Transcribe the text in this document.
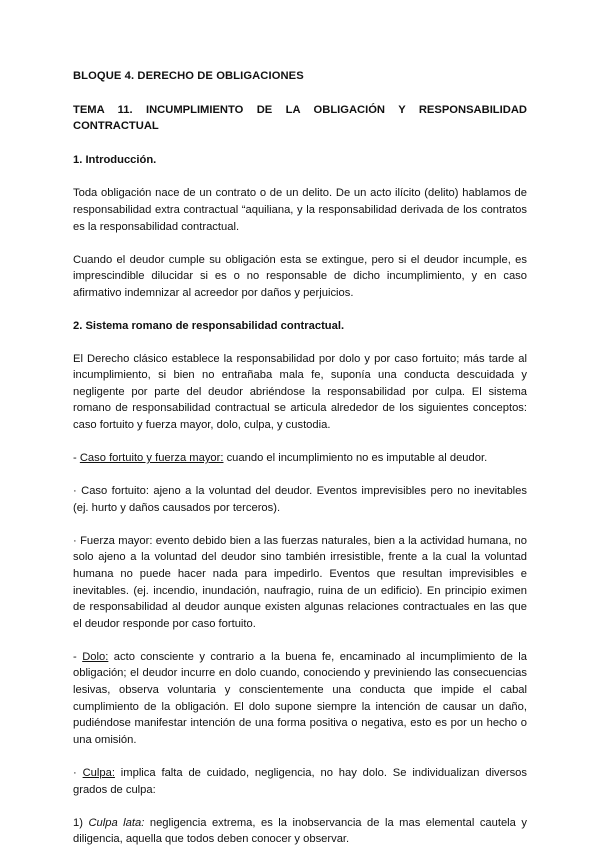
BLOQUE 4. DERECHO DE OBLIGACIONES

TEMA 11. INCUMPLIMIENTO DE LA OBLIGACIÓN Y RESPONSABILIDAD CONTRACTUAL

1. Introducción.

Toda obligación nace de un contrato o de un delito. De un acto ilícito (delito) hablamos de responsabilidad extra contractual “aquiliana, y la responsabilidad derivada de los contratos es la responsabilidad contractual.

Cuando el deudor cumple su obligación esta se extingue, pero si el deudor incumple, es imprescindible dilucidar si es o no responsable de dicho incumplimiento, y en caso afirmativo indemnizar al acreedor por daños y perjuicios.

2. Sistema romano de responsabilidad contractual.

El Derecho clásico establece la responsabilidad por dolo y por caso fortuito; más tarde al incumplimiento, si bien no entrañaba mala fe, suponía una conducta descuidada y negligente por parte del deudor abriéndose la responsabilidad por culpa. El sistema romano de responsabilidad contractual se articula alrededor de los siguientes conceptos: caso fortuito y fuerza mayor, dolo, culpa, y custodia.

- Caso fortuito y fuerza mayor: cuando el incumplimiento no es imputable al deudor.

· Caso fortuito: ajeno a la voluntad del deudor. Eventos imprevisibles pero no inevitables (ej. hurto y daños causados por terceros).

· Fuerza mayor: evento debido bien a las fuerzas naturales, bien a la actividad humana, no solo ajeno a la voluntad del deudor sino también irresistible, frente a la cual la voluntad humana no puede hacer nada para impedirlo. Eventos que resultan imprevisibles e inevitables. (ej. incendio, inundación, naufragio, ruina de un edificio). En principio eximen de responsabilidad al deudor aunque existen algunas relaciones contractuales en las que el deudor responde por caso fortuito.

- Dolo: acto consciente y contrario a la buena fe, encaminado al incumplimiento de la obligación; el deudor incurre en dolo cuando, conociendo y previniendo las consecuencias lesivas, observa voluntaria y conscientemente una conducta que impide el cabal cumplimiento de la obligación. El dolo supone siempre la intención de causar un daño, pudiéndose manifestar intención de una forma positiva o negativa, esto es por un hecho o una omisión.

· Culpa: implica falta de cuidado, negligencia, no hay dolo. Se individualizan diversos grados de culpa:

1) Culpa lata: negligencia extrema, es la inobservancia de la mas elemental cautela y diligencia, aquella que todos deben conocer y observar.
